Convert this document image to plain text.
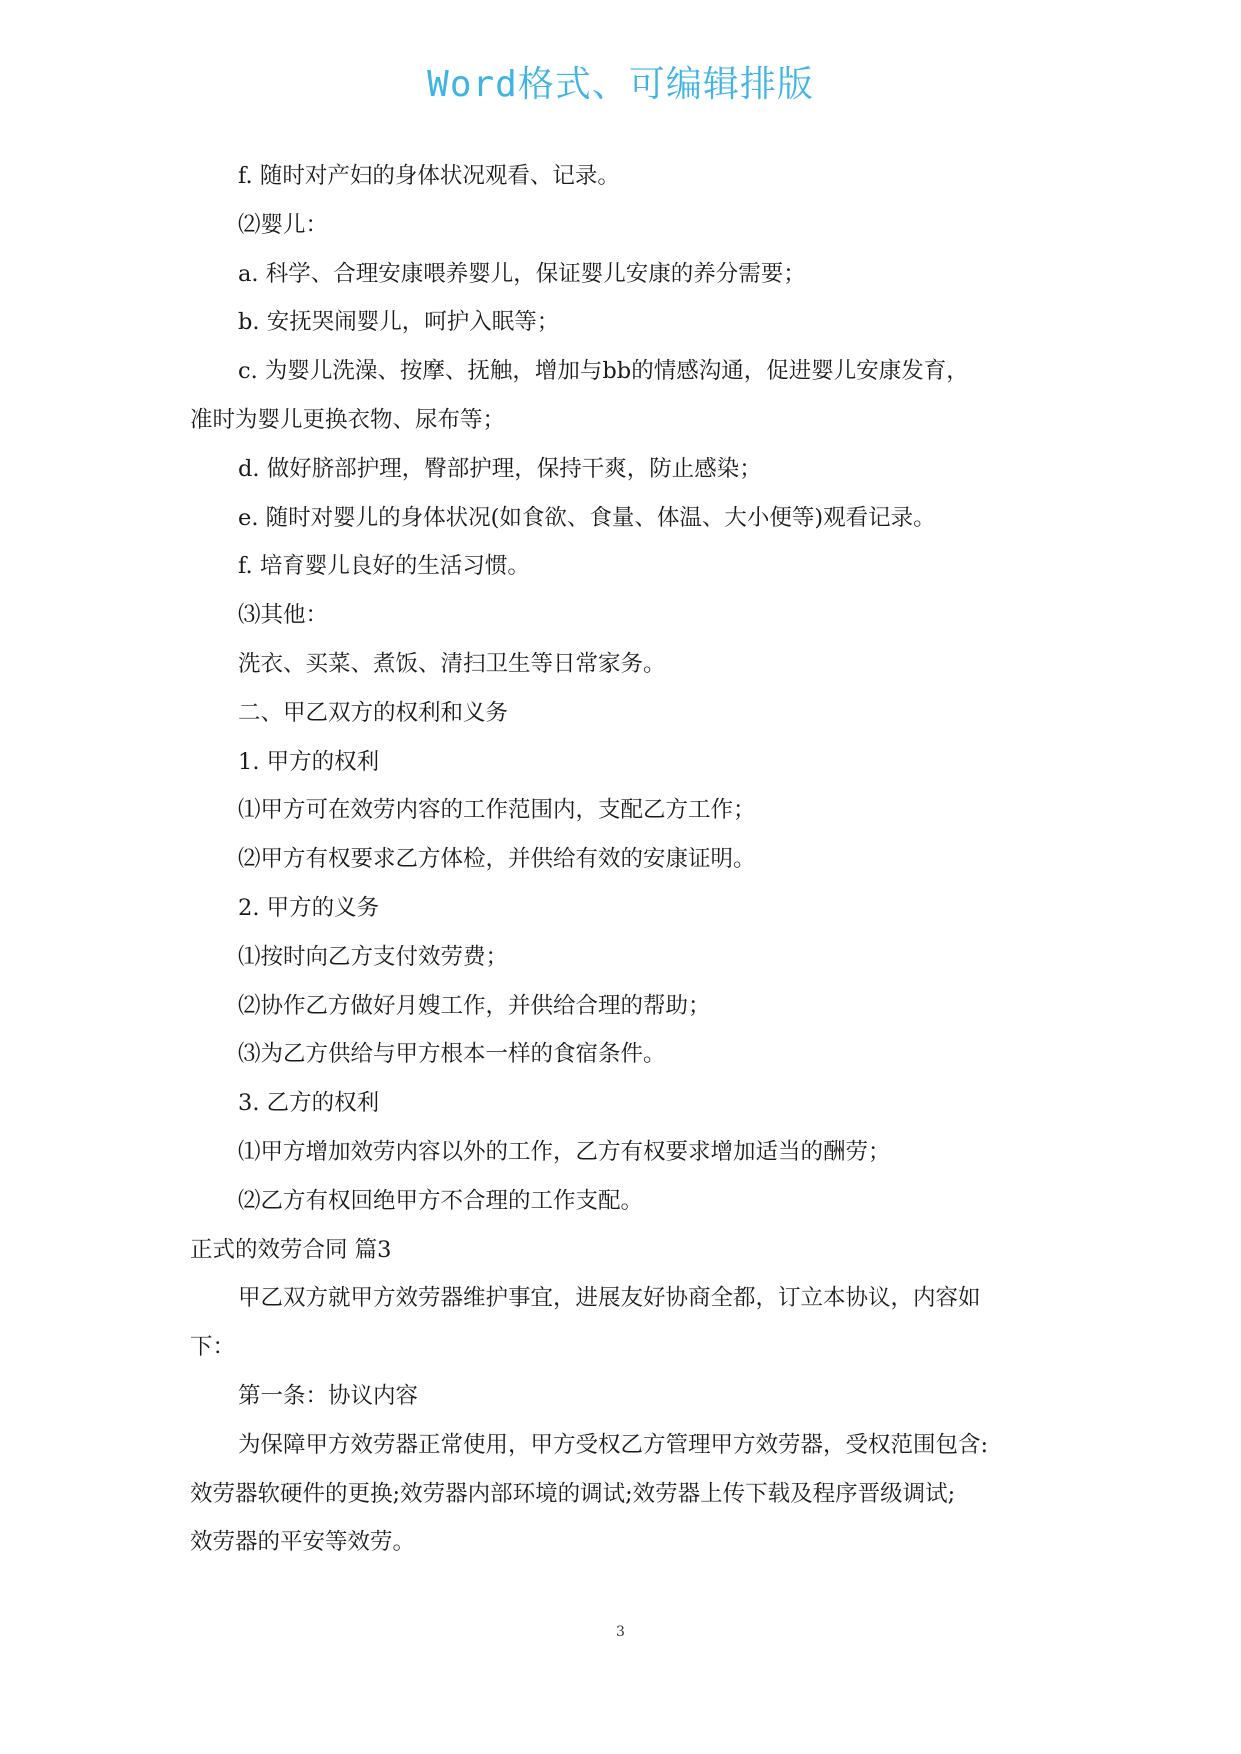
Word格式、可编辑排版

f. 随时对产妇的身体状况观看、记录。

⑵婴儿：

a. 科学、合理安康喂养婴儿，保证婴儿安康的养分需要；

b. 安抚哭闹婴儿，呵护入眠等；

c. 为婴儿洗澡、按摩、抚触，增加与bb的情感沟通，促进婴儿安康发育，

准时为婴儿更换衣物、尿布等；

d. 做好脐部护理，臀部护理，保持干爽，防止感染；

e. 随时对婴儿的身体状况(如食欲、食量、体温、大小便等)观看记录。

f. 培育婴儿良好的生活习惯。

⑶其他：

洗衣、买菜、煮饭、清扫卫生等日常家务。

二、甲乙双方的权利和义务

1. 甲方的权利

⑴甲方可在效劳内容的工作范围内，支配乙方工作；

⑵甲方有权要求乙方体检，并供给有效的安康证明。

2. 甲方的义务

⑴按时向乙方支付效劳费；

⑵协作乙方做好月嫂工作，并供给合理的帮助；

⑶为乙方供给与甲方根本一样的食宿条件。

3. 乙方的权利

⑴甲方增加效劳内容以外的工作，乙方有权要求增加适当的酬劳；

⑵乙方有权回绝甲方不合理的工作支配。

正式的效劳合同 篇3

甲乙双方就甲方效劳器维护事宜，进展友好协商全都，订立本协议，内容如

下：

第一条：协议内容

为保障甲方效劳器正常使用，甲方受权乙方管理甲方效劳器，受权范围包含:

效劳器软硬件的更换;效劳器内部环境的调试;效劳器上传下载及程序晋级调试;

效劳器的平安等效劳。

3
